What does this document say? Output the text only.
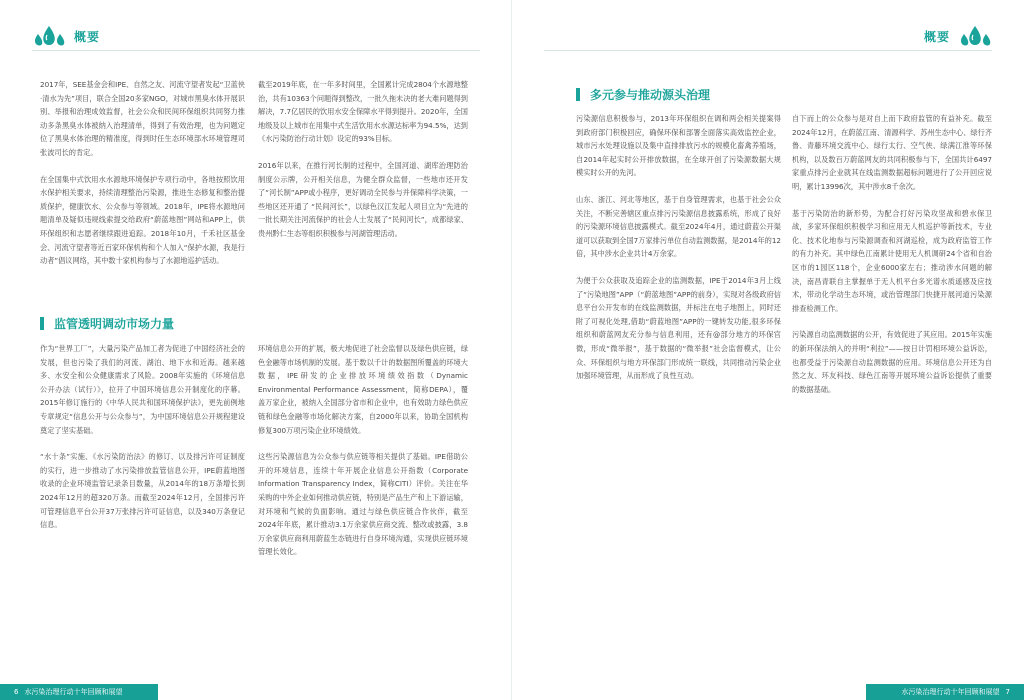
概要

2017年，SEE基金会和IPE、自然之友、河流守望者发起“卫蓝侠·清水为先”项目，联合全国20多家NGO，对城市黑臭水体开展识别、举报和治理成效监督，社会公众和民间环保组织共同努力推动多条黑臭水体被纳入治理清单，得到了有效治理，也为问题定位了黑臭水体治理的精准度，得到时任生态环境部水环境管理司张波司长的肯定。

在全国集中式饮用水水源地环境保护专项行动中，各地按照饮用水保护相关要求，持续清理整治污染源，推进生态修复和整治提质保护，健康饮水、公众参与等领域。2018年，IPE将水源地问题清单及疑似违规线索提交给政府“蔚蓝地图”网站和APP上，供环保组织和志愿者继续跟进追踪。2018年10月，千禾社区基金会、河流守望者等近百家环保机构和个人加入“保护水源，我是行动者”倡议网络，其中数十家机构参与了水源地巡护活动。

截至2019年底，在一年多时间里，全国累计完成2804个水源地整治，共有10363个问题得到整改，一批久拖未决的老大难问题得到解决，7.7亿居民的饮用水安全保障水平得到提升。2020年，全国地级及以上城市在用集中式生活饮用水水源达标率为94.5%，达到《水污染防治行动计划》设定的93%目标。

2016年以来，在推行河长制的过程中，全国河道、湖库治理防治制度公示牌，公开相关信息，为健全群众监督，一些地市还开发了“河长制”APP或小程序，更好调动全民参与并保障科学决策，一些地区还开通了 “民间河长”，以绿色汉江发起人项目立为“先进的一批长期关注河流保护的社会人士发展了“民间河长”，成都绿家、贵州黔仁生态等组织积极参与河湖管理活动。

监管透明调动市场力量

作为“世界工厂”，大量污染产品加工者为促进了中国经济社会的发展，但也污染了我们的河流、湖泊、地下水和近海。越来越多、水安全和公众健康需求了风险。2008年实施的《环境信息公开办法（试行）》，拉开了中国环境信息公开制度化的序幕。2015年修订施行的《中华人民共和国环境保护法》，更先前例地专章规定“信息公开与公众参与”，为中国环境信息公开规程建设奠定了坚实基础。

“水十条”实施、《水污染防治法》的修订、以及排污许可证制度的实行，进一步推动了水污染排放监管信息公开，IPE蔚蓝地图收录的企业环境监管记录条目数量，从2014年的18万条增长到2024年12月的超320万条。而截至2024年12月，全国排污许可管理信息平台公开37万张排污许可证信息，以及340万条登记信息。

环境信息公开的扩展，极大地促进了社会监督以及绿色供应链，绿色金融等市场机制的发展。基于数以千计的数据图所覆盖的环境大数据，IPE研发的企业排放环境绩效指数（Dynamic Environmental Performance Assessment，简称DEPA），覆盖万家企业，被纳入全国部分省市和企业中，也有效助力绿色供应链和绿色金融等市场化解决方案，自2000年以来，协助全国机构修复300万项污染企业环境绩效。

这些污染源信息为公众参与供应链等相关提供了基础。IPE借助公开的环境信息，连续十年开展企业信息公开指数（Corporate Information Transparency Index，简称CITI）评价。关注在华采购的中外企业如何推动供应链，特别是产品生产和上下游运输，对环境和气候的负面影响。通过与绿色供应链合作伙伴，截至2024年年底，累计推动3.1万余家供应商交流、整改或披露，3.8万余家供应商利用蔚蓝生态链进行自身环境沟通，实现供应链环境管理长效化。

6 水污染治理行动十年回顾和展望
概要
多元参与推动源头治理

污染源信息积极参与，2013年环保组织在调和两会相关提案得到政府部门积极回应，确保环保和部署全面落实高效监控企业，城市污水处理设施以及集中直排排放污水的规模化畜禽养殖场，自2014年起实时公开排放数据，在全球开创了污染源数据大规模实时公开的先河。

山东、浙江、河北等地区，基于自身管理需求，也基于社会公众关注，不断完善辖区重点排污污染源信息披露系统，形成了良好的污染源环境信息披露模式。截至2024年4月，通过蔚蓝公开渠道可以获取到全国7万家排污单位自动监测数据，是2014年的12倍，其中涉水企业共计4万余家。

为便于公众获取及追踪企业的监测数据，IPE于2014年3月上线了“污染地图”APP（“蔚蓝地图”APP的前身），实现对各级政府信息平台公开发布的在线监测数据，并标注在电子地图上，同时还附了可视化处理,借助“蔚蓝地图”APP的一键转发功能,很多环保组织和蔚蓝网友充分参与信息利用，还有@部分地方的环保官微，形成“微举报”，基于数据的“微举报”社会监督模式，让公众、环保组织与地方环保部门形成统一联线，共同推动污染企业加强环境管理，从而形成了良性互动。

自下而上的公众参与是对自上而下政府监管的有益补充。截至2024年12月，在蔚蓝江南、清源科学、苏州生态中心、绿行齐鲁、青藤环境交流中心、绿行太行、空气侠、绿满江淮等环保机构，以及数百万蔚蓝网友的共同积极参与下，全国共计6497家重点排污企业就其在线监测数据超标问题进行了公开回应说明，累计13996次，其中涉水8千余次。

基于污染防治的新形势，为配合打好污染攻坚战和碧水保卫战，多家环保组织积极学习和应用无人机巡护等新技术，专业化、技术化地参与污染源调查和河湖巡检，成为政府监管工作的有力补充。其中绿色江南累计使用无人机调研24个省和自治区市的1园区118个，企业6000家左右；推动涉水问题的解决，南昌青联自主掌握单于无人机平台多光谱水质遥感及应技术，带动化学动生态环境，或治管理部门快捷开展河道污染源排查检测工作。

污染源自动监测数据的公开，有效促进了其应用。2015年实施的新环保法纳入的并明“利拉”——按日计罚相环境公益诉讼，也都受益于污染源自动监测数据的应用。环境信息公开还为自然之友、环友科技、绿色江南等开展环境公益诉讼提供了重要的数据基础。

水污染治理行动十年回顾和展望 7
